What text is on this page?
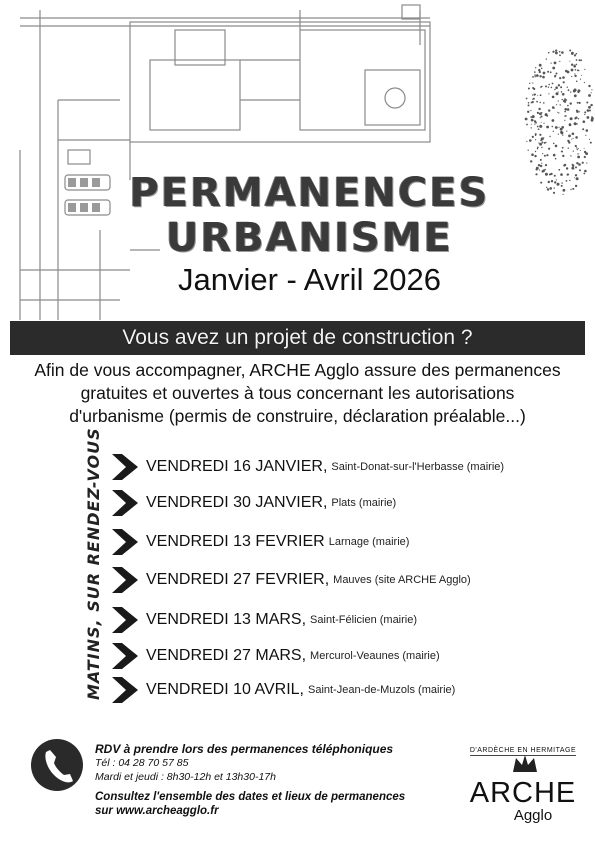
PERMANENCES
URBANISME
Janvier - Avril 2026
Vous avez un projet de construction ?
Afin de vous accompagner, ARCHE Agglo assure des permanences
gratuites et ouvertes à tous concernant les autorisations
d'urbanisme (permis de construire, déclaration préalable...)
MATINS, SUR RENDEZ-VOUS	VENDREDI 16 JANVIER, Saint-Donat-sur-l'Herbasse (mairie)
VENDREDI 30 JANVIER, Plats (mairie)
VENDREDI 13 FEVRIER Larnage (mairie)
VENDREDI 27 FEVRIER, Mauves (site ARCHE Agglo)
VENDREDI 13 MARS, Saint-Félicien (mairie)
VENDREDI 27 MARS, Mercurol-Veaunes (mairie)
VENDREDI 10 AVRIL, Saint-Jean-de-Muzols (mairie)
RDV à prendre lors des permanences téléphoniques
Tél : 04 28 70 57 85
Mardi et jeudi : 8h30-12h et 13h30-17h
Consultez l'ensemble des dates et lieux de permanences
sur www.archeagglo.fr
D'ARDÈCHE EN HERMITAGE
ARCHE
Agglo
